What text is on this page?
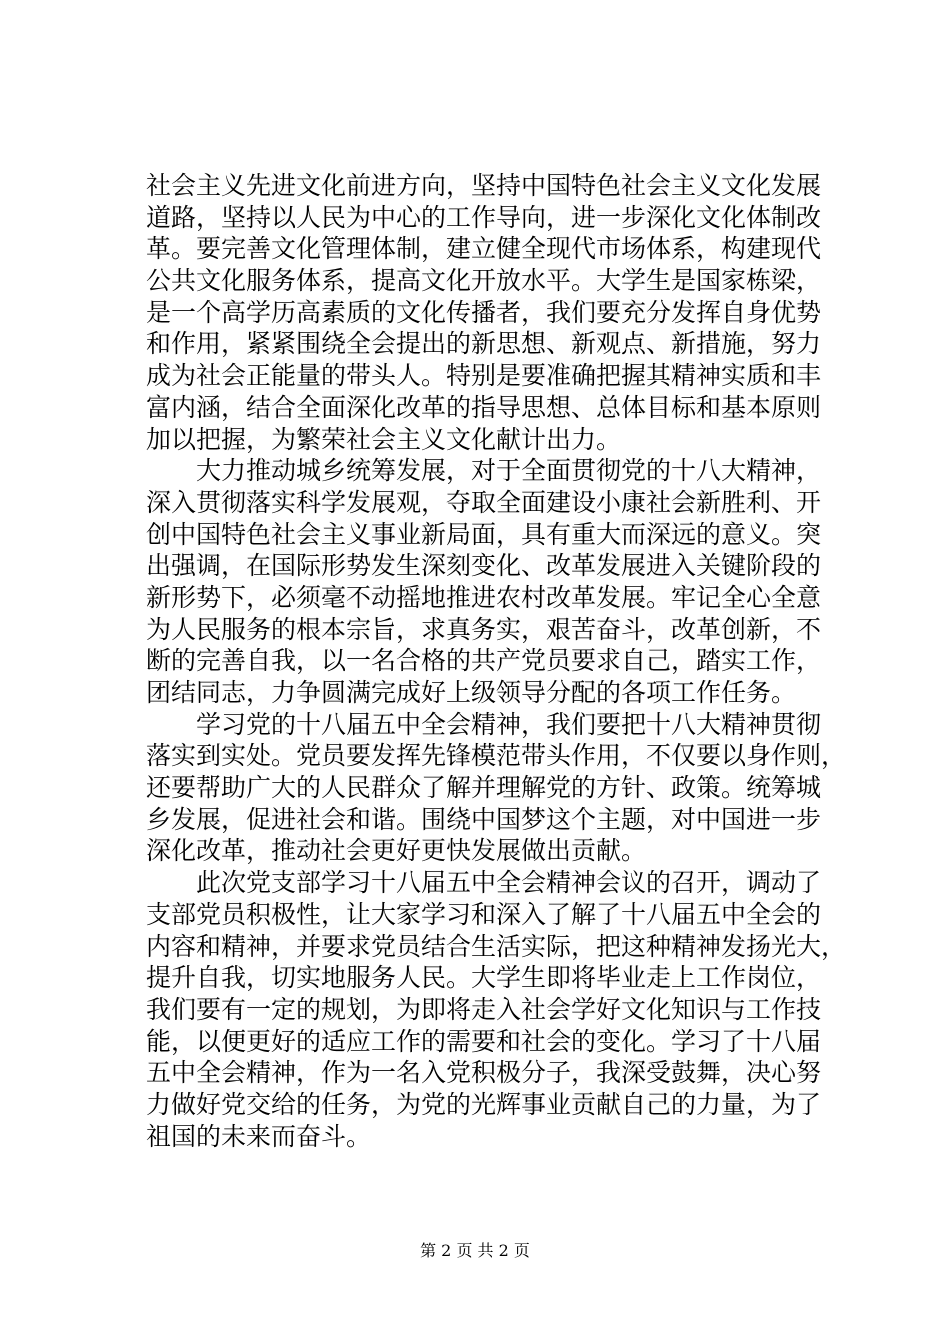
社会主义先进文化前进方向，坚持中国特色社会主义文化发展
道路，坚持以人民为中心的工作导向，进一步深化文化体制改
革。要完善文化管理体制，建立健全现代市场体系，构建现代
公共文化服务体系，提高文化开放水平。大学生是国家栋梁，
是一个高学历高素质的文化传播者，我们要充分发挥自身优势
和作用，紧紧围绕全会提出的新思想、新观点、新措施，努力
成为社会正能量的带头人。特别是要准确把握其精神实质和丰
富内涵，结合全面深化改革的指导思想、总体目标和基本原则
加以把握，为繁荣社会主义文化献计出力。
　　大力推动城乡统筹发展，对于全面贯彻党的十八大精神，
深入贯彻落实科学发展观，夺取全面建设小康社会新胜利、开
创中国特色社会主义事业新局面，具有重大而深远的意义。突
出强调，在国际形势发生深刻变化、改革发展进入关键阶段的
新形势下，必须毫不动摇地推进农村改革发展。牢记全心全意
为人民服务的根本宗旨，求真务实，艰苦奋斗，改革创新，不
断的完善自我，以一名合格的共产党员要求自己，踏实工作，
团结同志，力争圆满完成好上级领导分配的各项工作任务。
　　学习党的十八届五中全会精神，我们要把十八大精神贯彻
落实到实处。党员要发挥先锋模范带头作用，不仅要以身作则，
还要帮助广大的人民群众了解并理解党的方针、政策。统筹城
乡发展，促进社会和谐。围绕中国梦这个主题，对中国进一步
深化改革，推动社会更好更快发展做出贡献。
　　此次党支部学习十八届五中全会精神会议的召开，调动了
支部党员积极性，让大家学习和深入了解了十八届五中全会的
内容和精神，并要求党员结合生活实际，把这种精神发扬光大，
提升自我，切实地服务人民。大学生即将毕业走上工作岗位，
我们要有一定的规划，为即将走入社会学好文化知识与工作技
能，以便更好的适应工作的需要和社会的变化。学习了十八届
五中全会精神，作为一名入党积极分子，我深受鼓舞，决心努
力做好党交给的任务，为党的光辉事业贡献自己的力量，为了
祖国的未来而奋斗。
第 2 页 共 2 页
